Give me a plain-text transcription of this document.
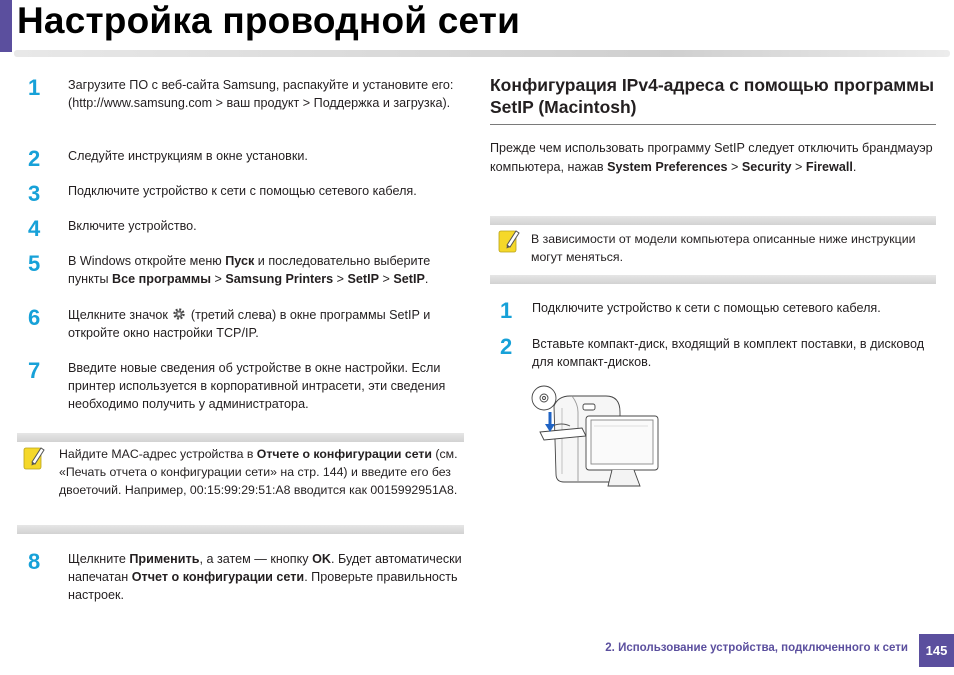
Настройка проводной сети
1	Загрузите ПО с веб-сайта Samsung, распакуйте и установите его: (http://www.samsung.com > ваш продукт > Поддержка и загрузка).
2	Следуйте инструкциям в окне установки.
3	Подключите устройство к сети с помощью сетевого кабеля.
4	Включите устройство.
5	В Windows откройте меню Пуск и последовательно выберите пункты Все программы > Samsung Printers > SetIP > SetIP.
6	Щелкните значок (третий слева) в окне программы SetIP и откройте окно настройки TCP/IP.
7	Введите новые сведения об устройстве в окне настройки. Если принтер используется в корпоративной интрасети, эти сведения необходимо получить у администратора.
Найдите MAC-адрес устройства в Отчете о конфигурации сети (см. «Печать отчета о конфигурации сети» на стр. 144) и введите его без двоеточий. Например, 00:15:99:29:51:A8 вводится как 0015992951A8.
8	Щелкните Применить, а затем — кнопку OK. Будет автоматически напечатан Отчет о конфигурации сети. Проверьте правильность настроек.
Конфигурация IPv4-адреса с помощью программы SetIP (Macintosh)
Прежде чем использовать программу SetIP следует отключить брандмауэр компьютера, нажав System Preferences > Security > Firewall.
В зависимости от модели компьютера описанные ниже инструкции могут меняться.
1	Подключите устройство к сети с помощью сетевого кабеля.
2	Вставьте компакт-диск, входящий в комплект поставки, в дисковод для компакт-дисков.
2. Использование устройства, подключенного к сети	145
